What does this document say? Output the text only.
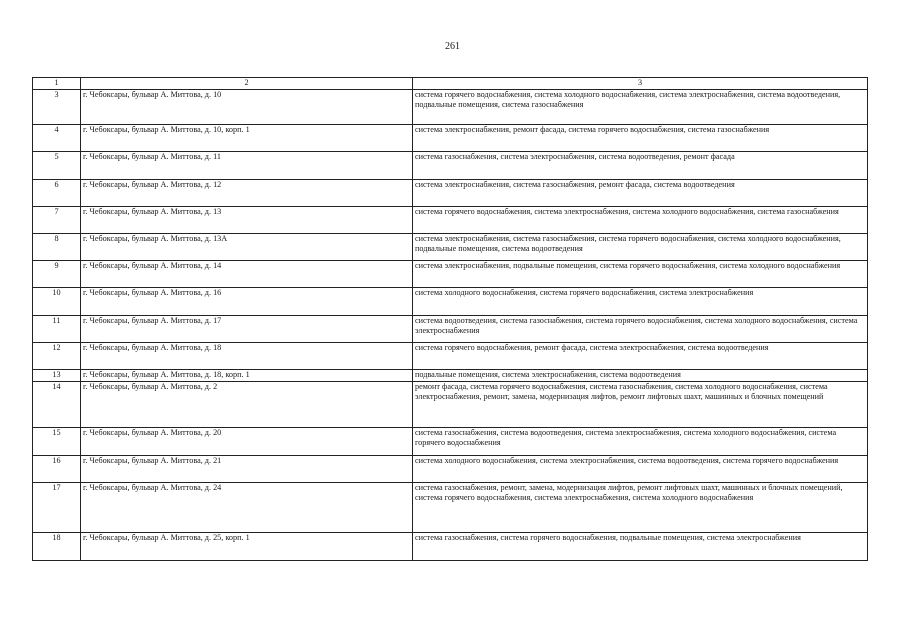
261
1	2	3
3	г. Чебоксары, бульвар А. Миттова, д. 10	система горячего водоснабжения, система холодного водоснабжения, система электроснабжения, система водоотведения, подвальные помещения, система газоснабжения
4	г. Чебоксары, бульвар А. Миттова, д. 10, корп. 1	система электроснабжения, ремонт фасада, система горячего водоснабжения, система газоснабжения
5	г. Чебоксары, бульвар А. Миттова, д. 11	система газоснабжения, система электроснабжения, система водоотведения, ремонт фасада
6	г. Чебоксары, бульвар А. Миттова, д. 12	система электроснабжения, система газоснабжения, ремонт фасада, система водоотведения
7	г. Чебоксары, бульвар А. Миттова, д. 13	система горячего водоснабжения, система электроснабжения, система холодного водоснабжения, система газоснабжения
8	г. Чебоксары, бульвар А. Миттова, д. 13А	система электроснабжения, система газоснабжения, система горячего водоснабжения, система холодного водоснабжения, подвальные помещения, система водоотведения
9	г. Чебоксары, бульвар А. Миттова, д. 14	система электроснабжения, подвальные помещения, система горячего водоснабжения, система холодного водоснабжения
10	г. Чебоксары, бульвар А. Миттова, д. 16	система холодного водоснабжения, система горячего водоснабжения, система электроснабжения
11	г. Чебоксары, бульвар А. Миттова, д. 17	система водоотведения, система газоснабжения, система горячего водоснабжения, система холодного водоснабжения, система электроснабжения
12	г. Чебоксары, бульвар А. Миттова, д. 18	система горячего водоснабжения, ремонт фасада, система электроснабжения, система водоотведения
13	г. Чебоксары, бульвар А. Миттова, д. 18, корп. 1	подвальные помещения, система электроснабжения, система водоотведения
14	г. Чебоксары, бульвар А. Миттова, д. 2	ремонт фасада, система горячего водоснабжения, система газоснабжения, система холодного водоснабжения, система электроснабжения, ремонт, замена, модернизация лифтов, ремонт лифтовых шахт, машинных и блочных помещений
15	г. Чебоксары, бульвар А. Миттова, д. 20	система газоснабжения, система водоотведения, система электроснабжения, система холодного водоснабжения, система горячего водоснабжения
16	г. Чебоксары, бульвар А. Миттова, д. 21	система холодного водоснабжения, система электроснабжения, система водоотведения, система горячего водоснабжения
17	г. Чебоксары, бульвар А. Миттова, д. 24	система газоснабжения, ремонт, замена, модернизация лифтов, ремонт лифтовых шахт, машинных и блочных помещений, система горячего водоснабжения, система электроснабжения, система холодного водоснабжения
18	г. Чебоксары, бульвар А. Миттова, д. 25, корп. 1	система газоснабжения, система горячего водоснабжения, подвальные помещения, система электроснабжения
